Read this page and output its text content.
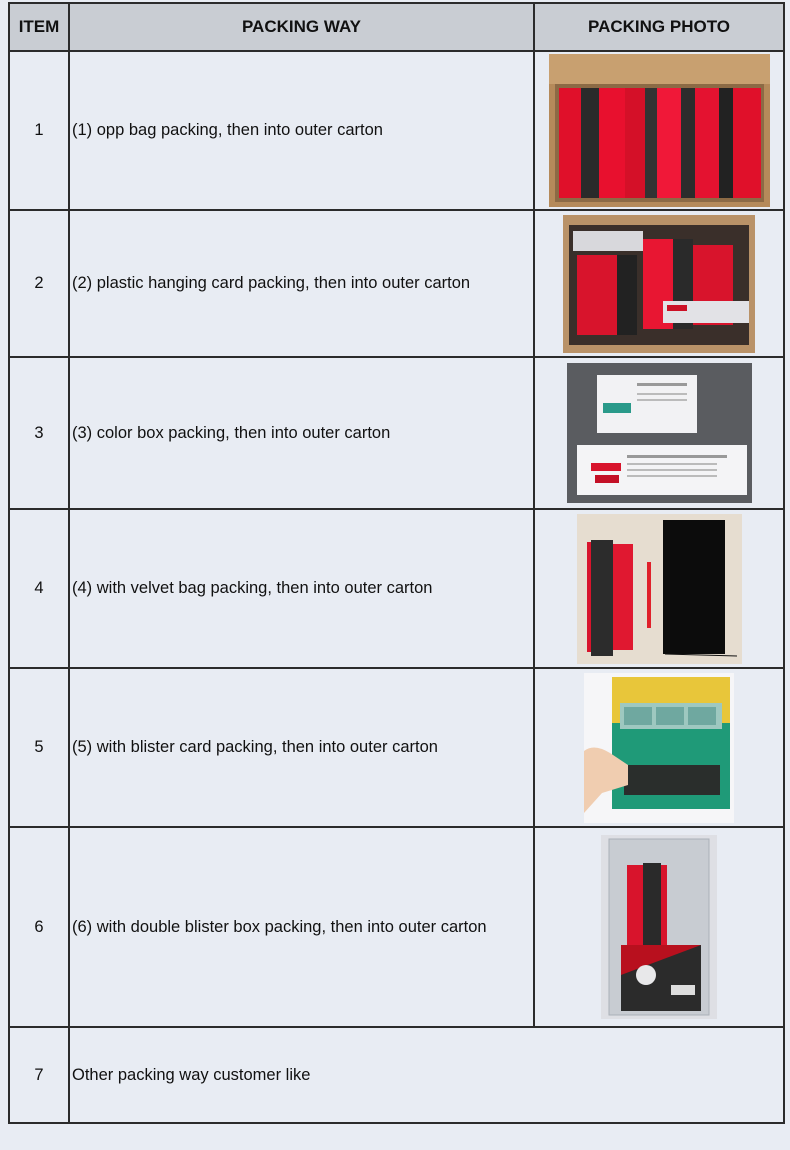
ITEM	PACKING WAY	PACKING PHOTO
1	(1) opp bag packing, then into outer carton	

2	(2) plastic hanging card packing, then into outer carton	

3	(3) color box packing, then into outer carton	

4	(4) with velvet bag packing, then into outer carton	

5	(5) with blister card packing, then into outer carton	

6	(6) with double blister box packing, then into outer carton	

7	Other packing way customer like	
